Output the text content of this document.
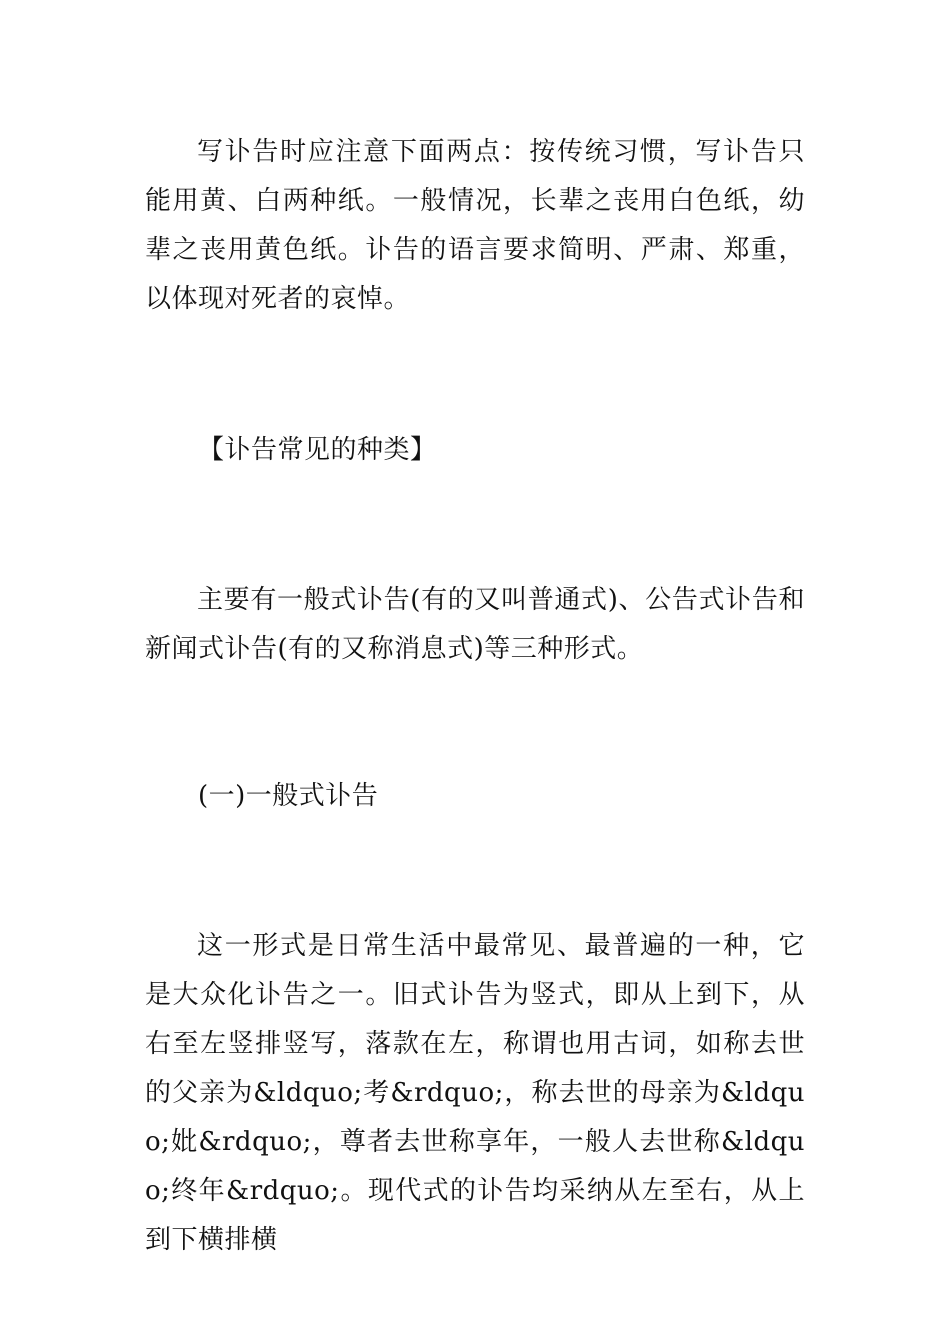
写讣告时应注意下面两点：按传统习惯，写讣告只能用黄、白两种纸。一般情况，长辈之丧用白色纸，幼辈之丧用黄色纸。讣告的语言要求简明、严肃、郑重，以体现对死者的哀悼。

【讣告常见的种类】

主要有一般式讣告(有的又叫普通式)、公告式讣告和新闻式讣告(有的又称消息式)等三种形式。

(一)一般式讣告

这一形式是日常生活中最常见、最普遍的一种，它是大众化讣告之一。旧式讣告为竖式，即从上到下，从右至左竖排竖写，落款在左，称谓也用古词，如称去世的父亲为&ldquo;考&rdquo;，称去世的母亲为&ldquo;妣&rdquo;，尊者去世称享年，一般人去世称&ldquo;终年&rdquo;。现代式的讣告均采纳从左至右，从上到下横排横
